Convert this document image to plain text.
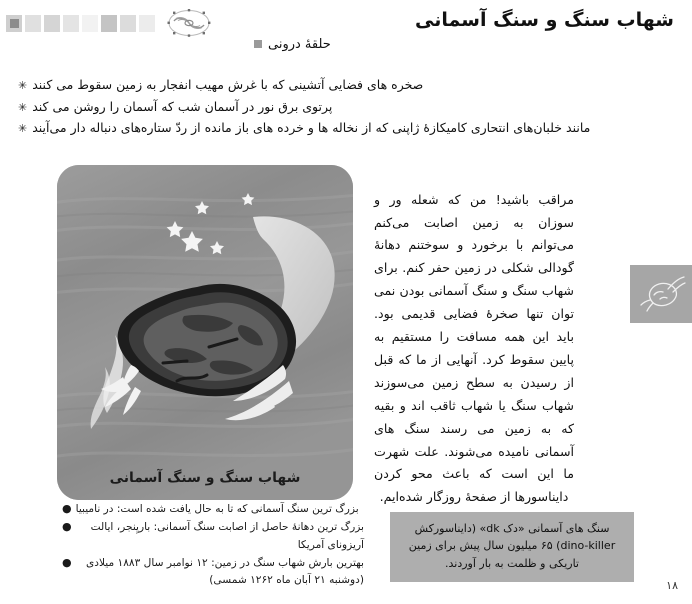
شهاب سنگ و سنگ آسمانی
حلقهٔ درونی
صخره های فضایی آتشینی که با غرش مهیب انفجار به زمین سقوط می کنند
✳
پرتوی برق نور در آسمان شب که آسمان را روشن می کند
✳
مانند خلبان‌های انتحاری کامیکازهٔ ژاپنی که از نخاله ها و خرده های باز مانده از ردّ ستاره‌های دنباله دار می‌آیند
✳
شهاب سنگ و سنگ آسمانی

مراقب باشید! من که شعله ور و سوزان به زمین اصابت می‌کنم می‌توانم با برخورد و سوختنم دهانهٔ گودالی شکلی در زمین حفر کنم. برای شهاب سنگ و سنگ آسمانی بودن نمی توان تنها صخرهٔ فضایی قدیمی بود. باید این همه مسافت را مستقیم به پایین سقوط کرد. آنهایی از ما که قبل از رسیدن به سطح زمین می‌سوزند شهاب سنگ یا شهاب ثاقب اند و بقیه که به زمین می رسند سنگ های آسمانی نامیده می‌شوند. علت شهرت ما این است که باعث محو کردن دایناسورها از صفحهٔ روزگار شده‌ایم.

بزرگ ترین سنگ آسمانی که تا به حال یافت شده است: در نامیبیا
●
بزرگ ترین دهانهٔ حاصل از اصابت سنگ آسمانی: باریِنجر، ایالت آریزونای آمریکا
●
بهترین بارش شهاب سنگ در زمین: ۱۲ نوامبر سال ۱۸۸۳ میلادی (دوشنبه ۲۱ آبان ماه ۱۲۶۲ شمسی)
●
سنگ های آسمانی «دک dk» (دایناسورکش dino-killer) ۶۵ میلیون سال پیش برای زمین تاریکی و ظلمت به بار آوردند.
۱۸
